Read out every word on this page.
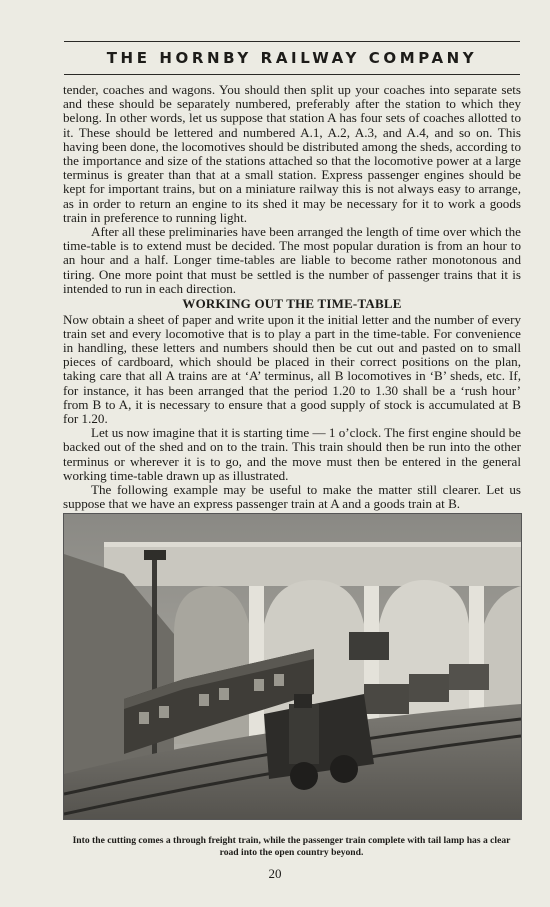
THE HORNBY RAILWAY COMPANY

tender, coaches and wagons. You should then split up your coaches into separate sets and these should be separately numbered, preferably after the station to which they belong. In other words, let us suppose that station A has four sets of coaches allotted to it. These should be lettered and numbered A.1, A.2, A.3, and A.4, and so on. This having been done, the locomotives should be distributed among the sheds, according to the importance and size of the stations attached so that the locomotive power at a large terminus is greater than that at a small station. Express passenger engines should be kept for important trains, but on a miniature railway this is not always easy to arrange, as in order to return an engine to its shed it may be necessary for it to work a goods train in preference to running light.

After all these preliminaries have been arranged the length of time over which the time-table is to extend must be decided. The most popular duration is from an hour to an hour and a half. Longer time-tables are liable to become rather monotonous and tiring. One more point that must be settled is the number of passenger trains that it is intended to run in each direction.

WORKING OUT THE TIME-TABLE

Now obtain a sheet of paper and write upon it the initial letter and the number of every train set and every locomotive that is to play a part in the time-table. For convenience in handling, these letters and numbers should then be cut out and pasted on to small pieces of cardboard, which should be placed in their correct positions on the plan, taking care that all A trains are at ‘A’ terminus, all B locomotives in ‘B’ sheds, etc. If, for instance, it has been arranged that the period 1.20 to 1.30 shall be a ‘rush hour’ from B to A, it is necessary to ensure that a good supply of stock is accumulated at B for 1.20.

Let us now imagine that it is starting time — 1 o’clock. The first engine should be backed out of the shed and on to the train. This train should then be run into the other terminus or wherever it is to go, and the move must then be entered in the general working time-table drawn up as illustrated.

The following example may be useful to make the matter still clearer. Let us suppose that we have an express passenger train at A and a goods train at B.

Into the cutting comes a through freight train, while the passenger train complete with tail lamp has a clear road into the open country beyond.
20
